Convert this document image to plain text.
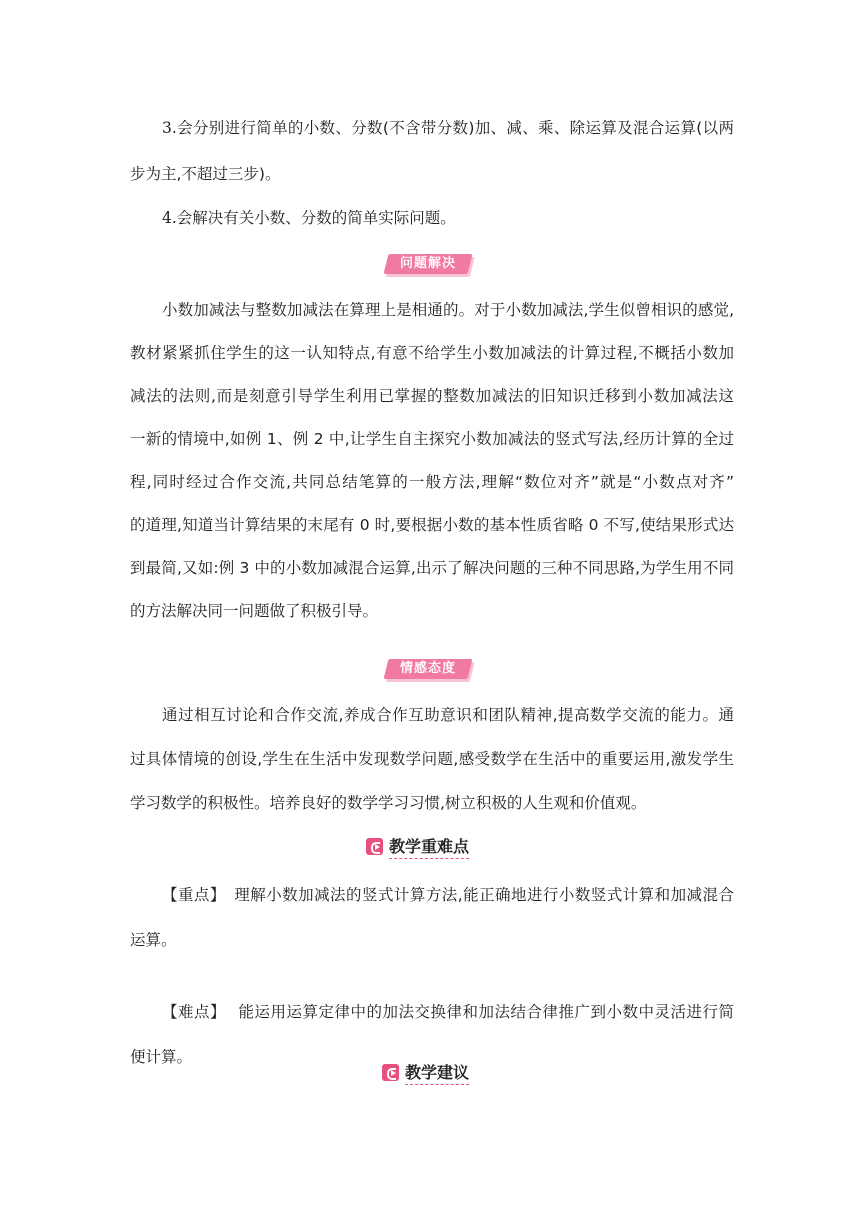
3.会分别进行简单的小数、分数(不含带分数)加、减、乘、除运算及混合运算(以两
步为主,不超过三步)。
4.会解决有关小数、分数的简单实际问题。
问题解决
小数加减法与整数加减法在算理上是相通的。对于小数加减法,学生似曾相识的感觉,
教材紧紧抓住学生的这一认知特点,有意不给学生小数加减法的计算过程,不概括小数加
减法的法则,而是刻意引导学生利用已掌握的整数加减法的旧知识迁移到小数加减法这
一新的情境中,如例 1、例 2 中,让学生自主探究小数加减法的竖式写法,经历计算的全过
程,同时经过合作交流,共同总结笔算的一般方法,理解“数位对齐”就是“小数点对齐”
的道理,知道当计算结果的末尾有 0 时,要根据小数的基本性质省略 0 不写,使结果形式达
到最简,又如:例 3 中的小数加减混合运算,出示了解决问题的三种不同思路,为学生用不同
的方法解决同一问题做了积极引导。
情感态度
通过相互讨论和合作交流,养成合作互助意识和团队精神,提高数学交流的能力。通
过具体情境的创设,学生在生活中发现数学问题,感受数学在生活中的重要运用,激发学生
学习数学的积极性。培养良好的数学学习习惯,树立积极的人生观和价值观。
教学重难点
【重点】 理解小数加减法的竖式计算方法,能正确地进行小数竖式计算和加减混合
运算。
【难点】 能运用运算定律中的加法交换律和加法结合律推广到小数中灵活进行简
便计算。
教学建议
